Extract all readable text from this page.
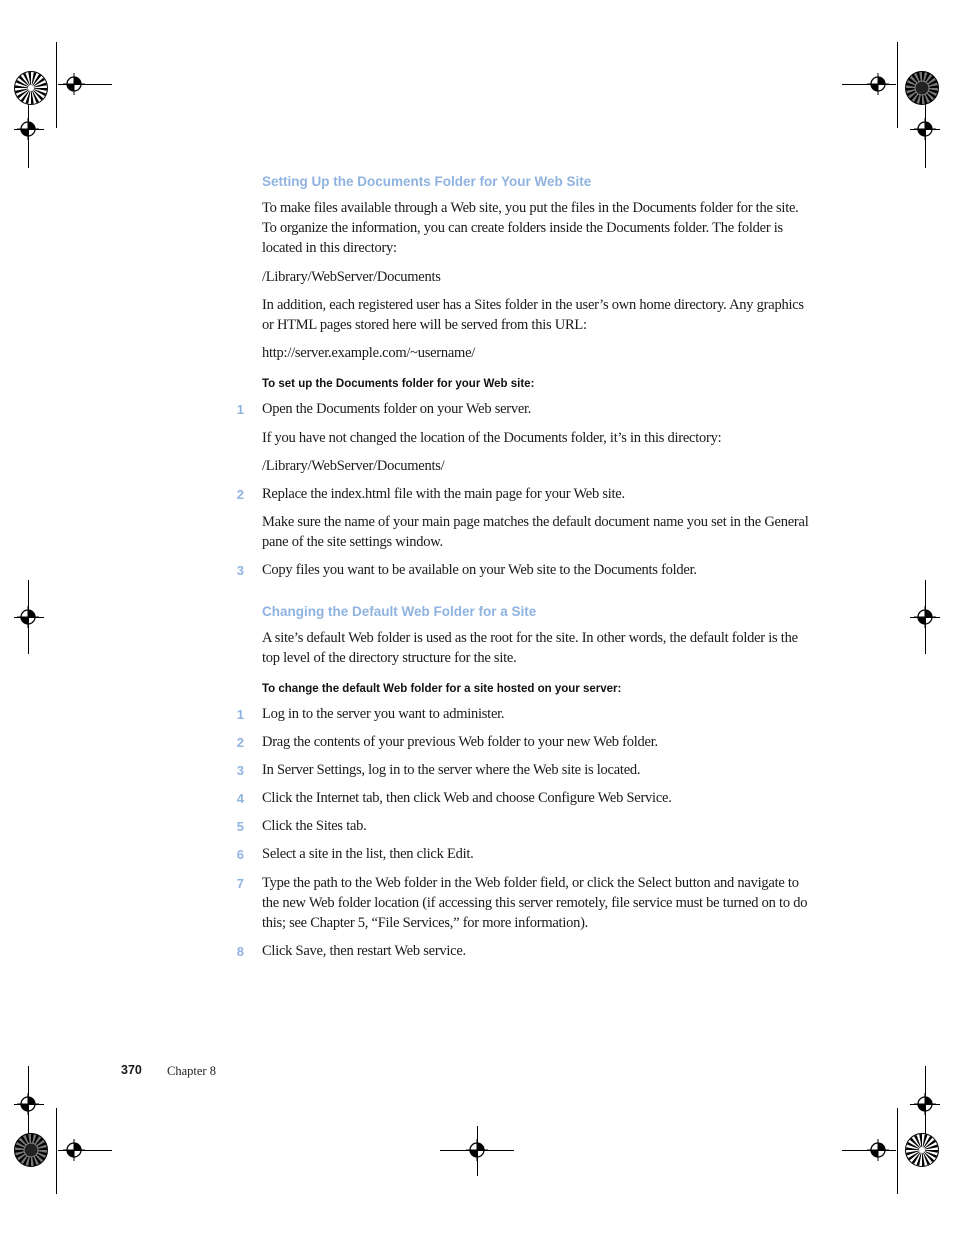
Setting Up the Documents Folder for Your Web Site
To make files available through a Web site, you put the files in the Documents folder for the site. To organize the information, you can create folders inside the Documents folder. The folder is located in this directory:
/Library/WebServer/Documents
In addition, each registered user has a Sites folder in the user’s own home directory. Any graphics or HTML pages stored here will be served from this URL:
http://server.example.com/~username/
To set up the Documents folder for your Web site:
1 Open the Documents folder on your Web server.
If you have not changed the location of the Documents folder, it’s in this directory:
/Library/WebServer/Documents/
2 Replace the index.html file with the main page for your Web site.
Make sure the name of your main page matches the default document name you set in the General pane of the site settings window.
3 Copy files you want to be available on your Web site to the Documents folder.
Changing the Default Web Folder for a Site
A site’s default Web folder is used as the root for the site. In other words, the default folder is the top level of the directory structure for the site.
To change the default Web folder for a site hosted on your server:
1 Log in to the server you want to administer.
2 Drag the contents of your previous Web folder to your new Web folder.
3 In Server Settings, log in to the server where the Web site is located.
4 Click the Internet tab, then click Web and choose Configure Web Service.
5 Click the Sites tab.
6 Select a site in the list, then click Edit.
7 Type the path to the Web folder in the Web folder field, or click the Select button and navigate to the new Web folder location (if accessing this server remotely, file service must be turned on to do this; see Chapter 5, “File Services,” for more information).
8 Click Save, then restart Web service.
370 Chapter 8
